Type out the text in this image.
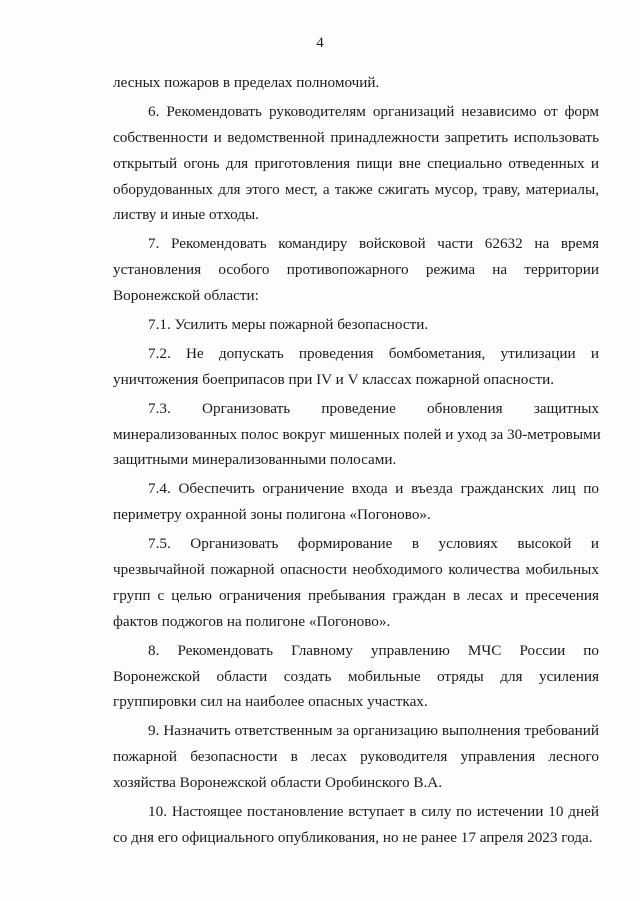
4
лесных пожаров в пределах полномочий.
6. Рекомендовать руководителям организаций независимо от форм
собственности и ведомственной принадлежности запретить использовать
открытый огонь для приготовления пищи вне специально отведенных и
оборудованных для этого мест, а также сжигать мусор, траву, материалы,
листву и иные отходы.
7. Рекомендовать командиру войсковой части 62632 на время
установления особого противопожарного режима на территории
Воронежской области:
7.1. Усилить меры пожарной безопасности.
7.2. Не допускать проведения бомбометания, утилизации и
уничтожения боеприпасов при IV и V классах пожарной опасности.
7.3. Организовать проведение обновления защитных
минерализованных полос вокруг мишенных полей и уход за 30-метровыми
защитными минерализованными полосами.
7.4. Обеспечить ограничение входа и въезда гражданских лиц по
периметру охранной зоны полигона «Погоново».
7.5. Организовать формирование в условиях высокой и
чрезвычайной пожарной опасности необходимого количества мобильных
групп с целью ограничения пребывания граждан в лесах и пресечения
фактов поджогов на полигоне «Погоново».
8. Рекомендовать Главному управлению МЧС России по
Воронежской области создать мобильные отряды для усиления
группировки сил на наиболее опасных участках.
9. Назначить ответственным за организацию выполнения требований
пожарной безопасности в лесах руководителя управления лесного
хозяйства Воронежской области Оробинского В.А.
10. Настоящее постановление вступает в силу по истечении 10 дней
со дня его официального опубликования, но не ранее 17 апреля 2023 года.
